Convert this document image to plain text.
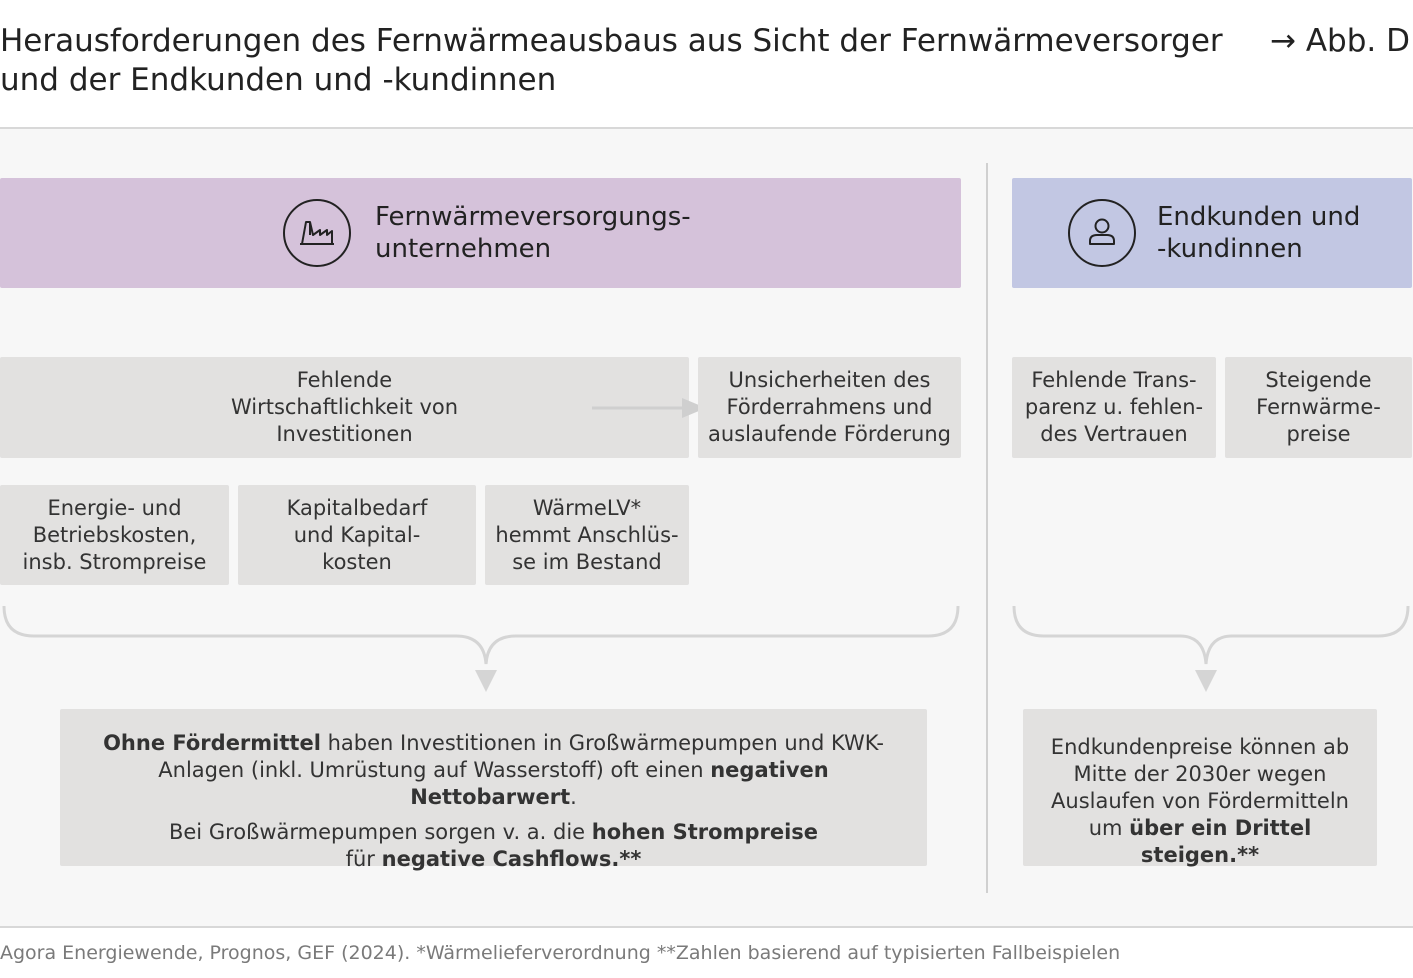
Herausforderungen des Fernwärmeausbaus aus Sicht der Fernwärmeversorger
und der Endkunden und -kundinnen
→ Abb. D
Fernwärmeversorgungs-
unternehmen
Endkunden und
-kundinnen
Fehlende
Wirtschaftlichkeit von
Investitionen
Unsicherheiten des
Förderrahmens und
auslaufende Förderung
Energie- und
Betriebskosten,
insb. Strompreise
Kapitalbedarf
und Kapital-
kosten
WärmeLV*
hemmt Anschlüs-
se im Bestand
Fehlende Trans-
parenz u. fehlen-
des Vertrauen
Steigende
Fernwärme-
preise

Ohne Fördermittel haben Investitionen in Großwärmepumpen und KWK-Anlagen (inkl. Umrüstung auf Wasserstoff) oft einen negativen Nettobarwert.

Bei Großwärmepumpen sorgen v. a. die hohen Strompreise
für negative Cashflows.**

Endkundenpreise können ab Mitte der 2030er wegen Auslaufen von Fördermitteln um über ein Drittel steigen.**

Agora Energiewende, Prognos, GEF (2024). *Wärmelieferverordnung **Zahlen basierend auf typisierten Fallbeispielen
